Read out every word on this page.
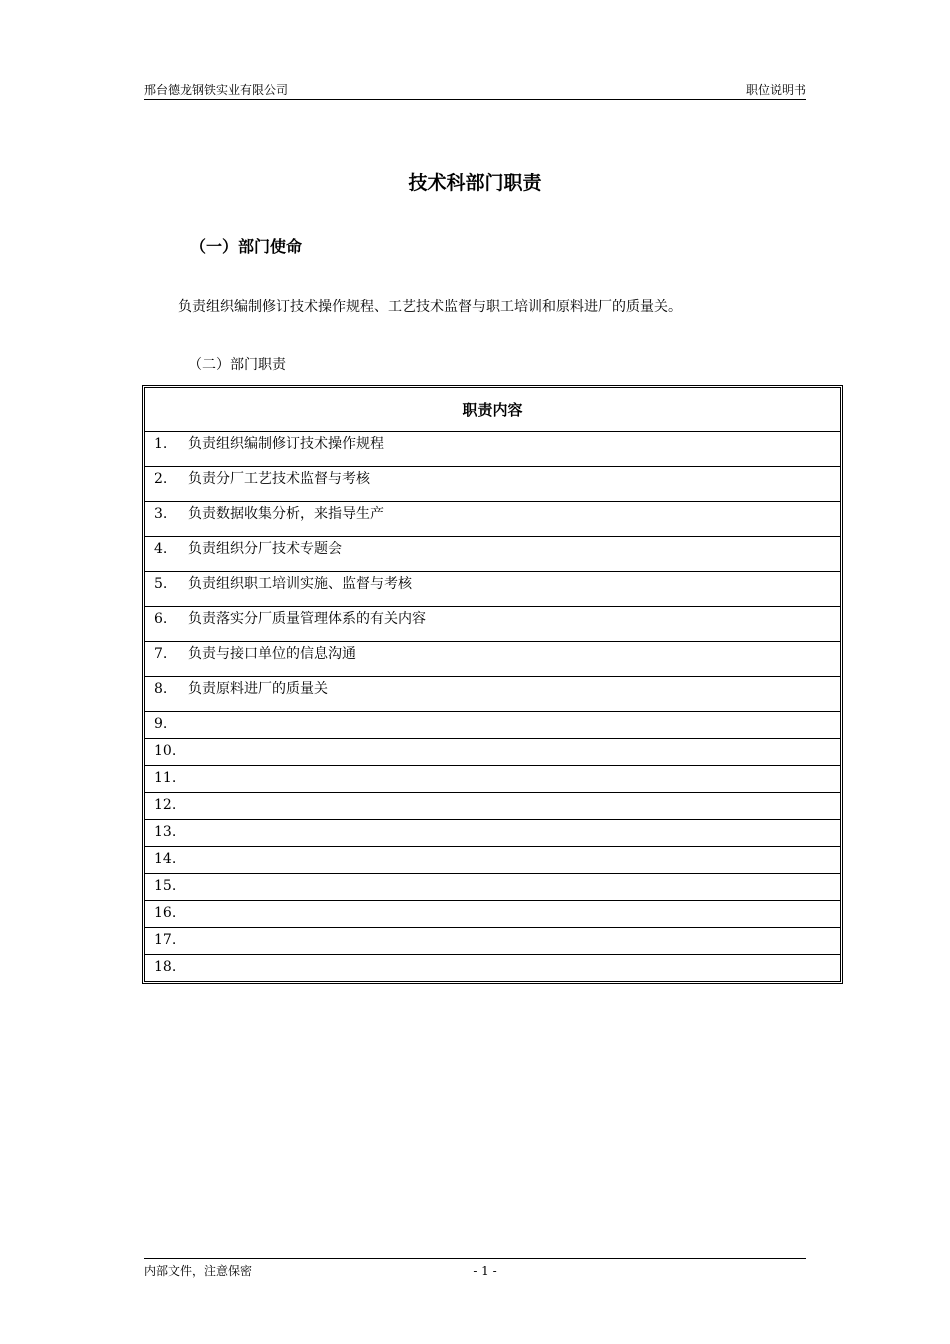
邢台德龙钢铁实业有限公司	职位说明书
技术科部门职责
（一）部门使命
负责组织编制修订技术操作规程、工艺技术监督与职工培训和原料进厂的质量关。
（二）部门职责
职责内容

1.	负责组织编制修订技术操作规程

2.	负责分厂工艺技术监督与考核

3.	负责数据收集分析，来指导生产

4.	负责组织分厂技术专题会

5.	负责组织职工培训实施、监督与考核

6.	负责落实分厂质量管理体系的有关内容

7.	负责与接口单位的信息沟通

8.	负责原料进厂的质量关

9.

10.

11.

12.

13.

14.

15.

16.

17.

18.
内部文件，注意保密	- 1 -
